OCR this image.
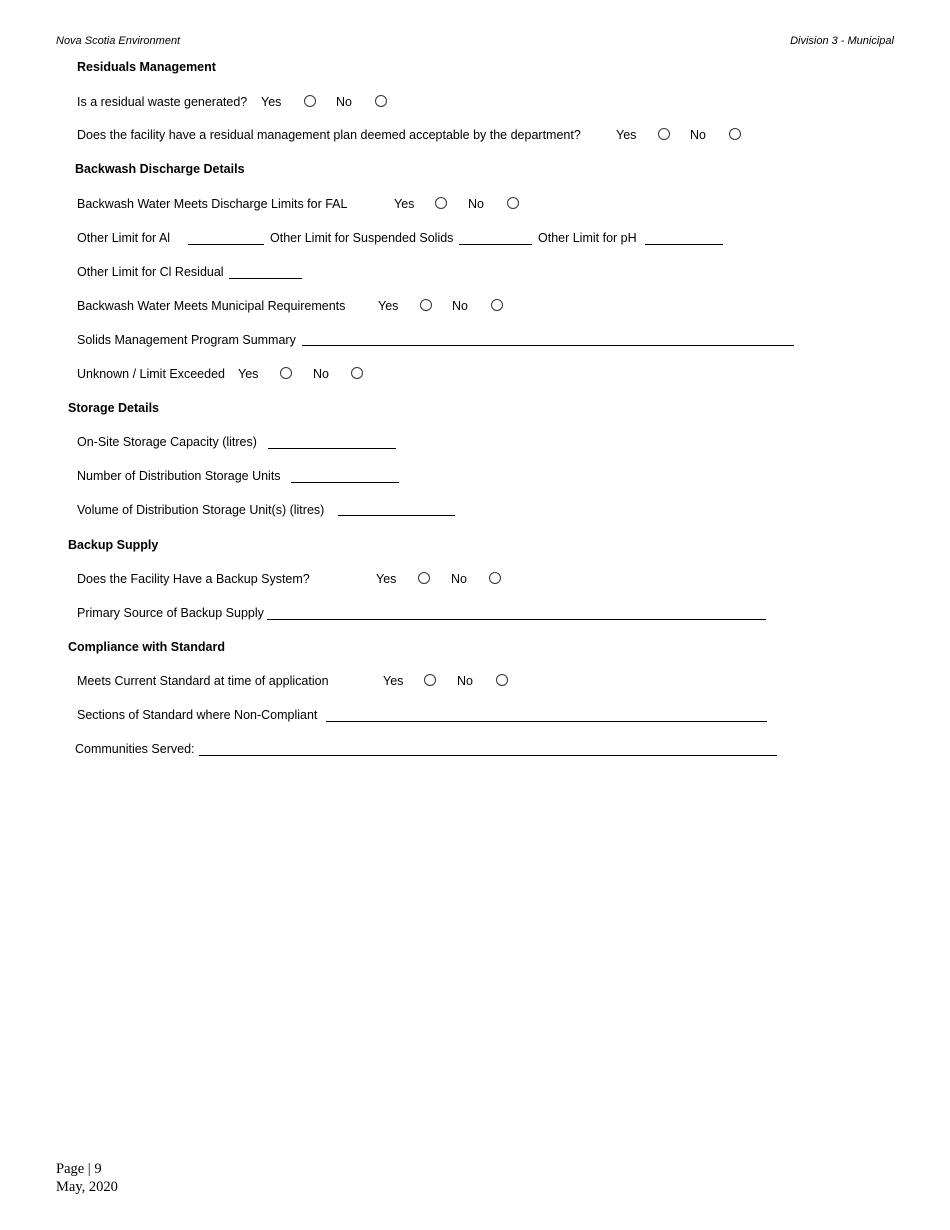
Nova Scotia Environment	Division 3 - Municipal
Residuals Management
Is a residual waste generated? Yes	No
Does the facility have a residual management plan deemed acceptable by the department?	Yes	No
Backwash Discharge Details
Backwash Water Meets Discharge Limits for FAL	Yes	No
Other Limit for Al	Other Limit for Suspended Solids	Other Limit for pH
Other Limit for Cl Residual
Backwash Water Meets Municipal Requirements	Yes	No
Solids Management Program Summary
Unknown / Limit Exceeded Yes	No
Storage Details
On-Site Storage Capacity (litres)
Number of Distribution Storage Units
Volume of Distribution Storage Unit(s) (litres)
Backup Supply
Does the Facility Have a Backup System?	Yes	No
Primary Source of Backup Supply
Compliance with Standard
Meets Current Standard at time of application	Yes	No
Sections of Standard where Non-Compliant
Communities Served:
Page | 9
May, 2020
